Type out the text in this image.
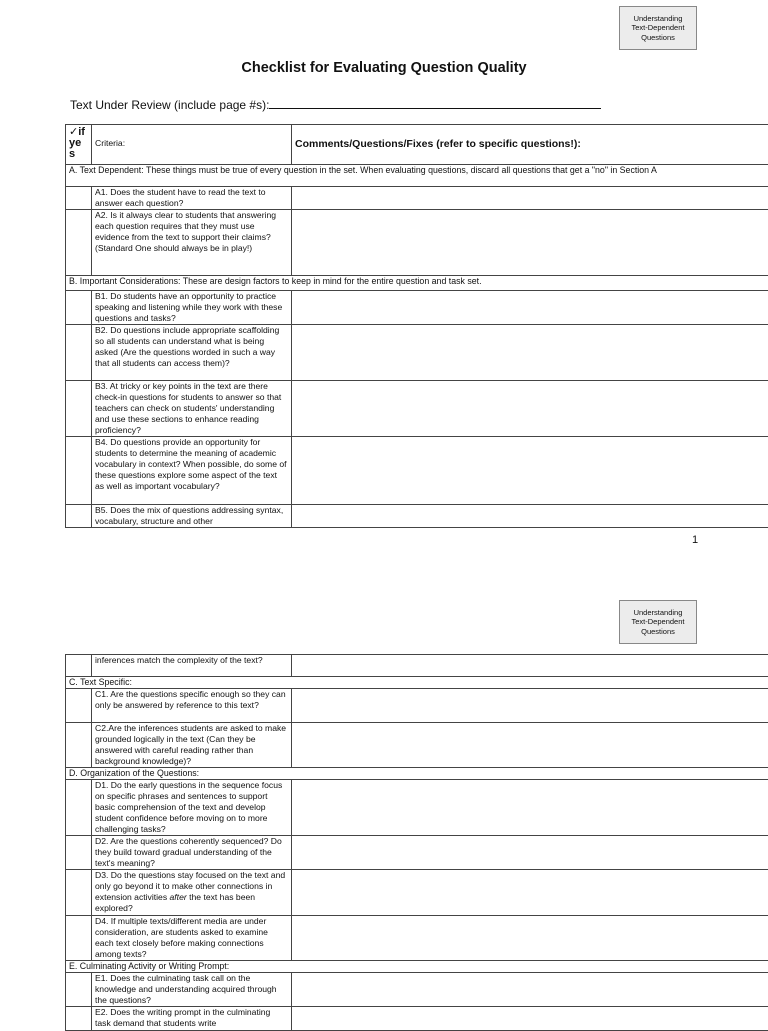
Understanding
Text-Dependent
Questions
Checklist for Evaluating Question Quality
Text Under Review (include page #s):
✓if ye s	Criteria:	Comments/Questions/Fixes (refer to specific questions!):
A. Text Dependent: These things must be true of every question in the set. When evaluating questions, discard all questions that get a "no" in Section A		
	A1. Does the student have to read the text to answer each question?	
	A2. Is it always clear to students that answering each question requires that they must use evidence from the text to support their claims? (Standard One should always be in play!)	
B. Important Considerations: These are design factors to keep in mind for the entire question and task set.		
	B1. Do students have an opportunity to practice speaking and listening while they work with these questions and tasks?	
	B2. Do questions include appropriate scaffolding so all students can understand what is being asked (Are the questions worded in such a way that all students can access them)?	
	B3. At tricky or key points in the text are there check-in questions for students to answer so that teachers can check on students' understanding and use these sections to enhance reading proficiency?	
	B4. Do questions provide an opportunity for students to determine the meaning of academic vocabulary in context? When possible, do some of these questions explore some aspect of the text as well as important vocabulary?	
	B5. Does the mix of questions addressing syntax, vocabulary, structure and other	
1
Understanding
Text-Dependent
Questions
	inferences match the complexity of the text?	
C. Text Specific:		
	C1. Are the questions specific enough so they can only be answered by reference to this text?	
	C2.Are the inferences students are asked to make grounded logically in the text (Can they be answered with careful reading rather than background knowledge)?	
D. Organization of the Questions:		
	D1. Do the early questions in the sequence focus on specific phrases and sentences to support basic comprehension of the text and develop student confidence before moving on to more challenging tasks?	
	D2. Are the questions coherently sequenced? Do they build toward gradual understanding of the text's meaning?	
	D3. Do the questions stay focused on the text and only go beyond it to make other connections in extension activities after the text has been explored?	
	D4. If multiple texts/different media are under consideration, are students asked to examine each text closely before making connections among texts?	
E. Culminating Activity or Writing Prompt:		
	E1. Does the culminating task call on the knowledge and understanding acquired through the questions?	
	E2. Does the writing prompt in the culminating task demand that students write	
